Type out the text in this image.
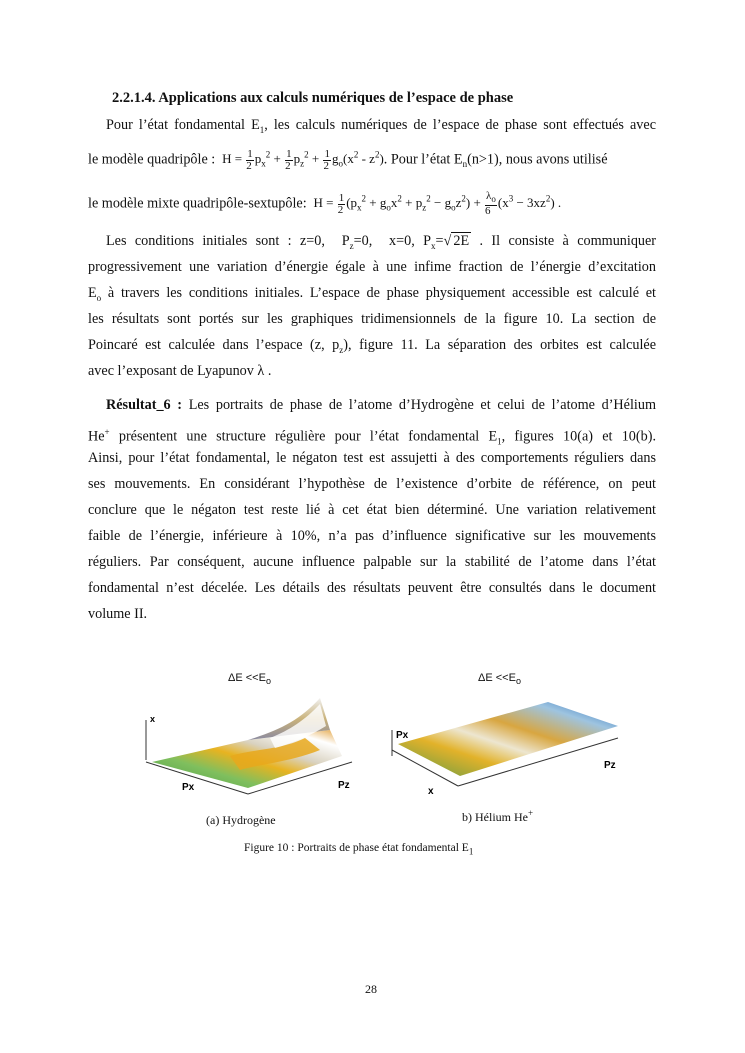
2.2.1.4. Applications aux calculs numériques de l’espace de phase
Pour l’état fondamental $E_1$, les calculs numériques de l’espace de phase sont effectués avec
le modèle quadripôle :  $H = \frac{1}{2} p_x^2 + \frac{1}{2} p_z^2 + \frac{1}{2} g_o(x^2 - z^2)$. Pour l’état $E_n(n>1)$, nous avons utilisé
le modèle mixte quadripôle-sextupôle:  $H = \frac{1}{2} (p_x^2 + g_ox^2 + p_z^2 - g_oz^2) + \frac{\lambda_o}{6} (x^3 - 3xz^2)$ .
Les conditions initiales sont : z=0,  $P_z=0$, x=0, $P_x=√$ 2E . Il consiste à communiquer
progressivement une variation d’énergie égale à une infime fraction de l’énergie d’excitation
$E_o$ à travers les conditions initiales. L’espace de phase physiquement accessible est calculé et
les résultats sont portés sur les graphiques tridimensionnels de la figure 10. La section de
Poincaré est calculée dans l’espace (z, $p_z$), figure 11. La séparation des orbites est calculée
avec l’exposant de Lyapunov λ .
Résultat_6 : Les portraits de phase de l’atome d’Hydrogène et celui de l’atome d’Hélium
He+ présentent une structure régulière pour l’état fondamental $E_1$, figures 10(a) et 10(b).
Ainsi, pour l’état fondamental, le négaton test est assujetti à des comportements réguliers dans
ses mouvements. En considérant l’hypothèse de l’existence d’orbite de référence, on peut
conclure que le négaton test reste lié à cet état bien déterminé. Une variation relativement
faible de l’énergie, inférieure à 10%, n’a pas d’influence significative sur les mouvements
réguliers. Par conséquent, aucune influence palpable sur la stabilité de l’atome dans l’état
fondamental n’est décelée. Les détails des résultats peuvent être consultés dans le document
volume II.
$\Delta E <<E_o$	$\Delta E <<E_o$
x
Px	Pz
Px
x
Pz
(a) Hydrogène	b) Hélium He+
Figure 10 : Portraits de phase état fondamental $E_1$
28
